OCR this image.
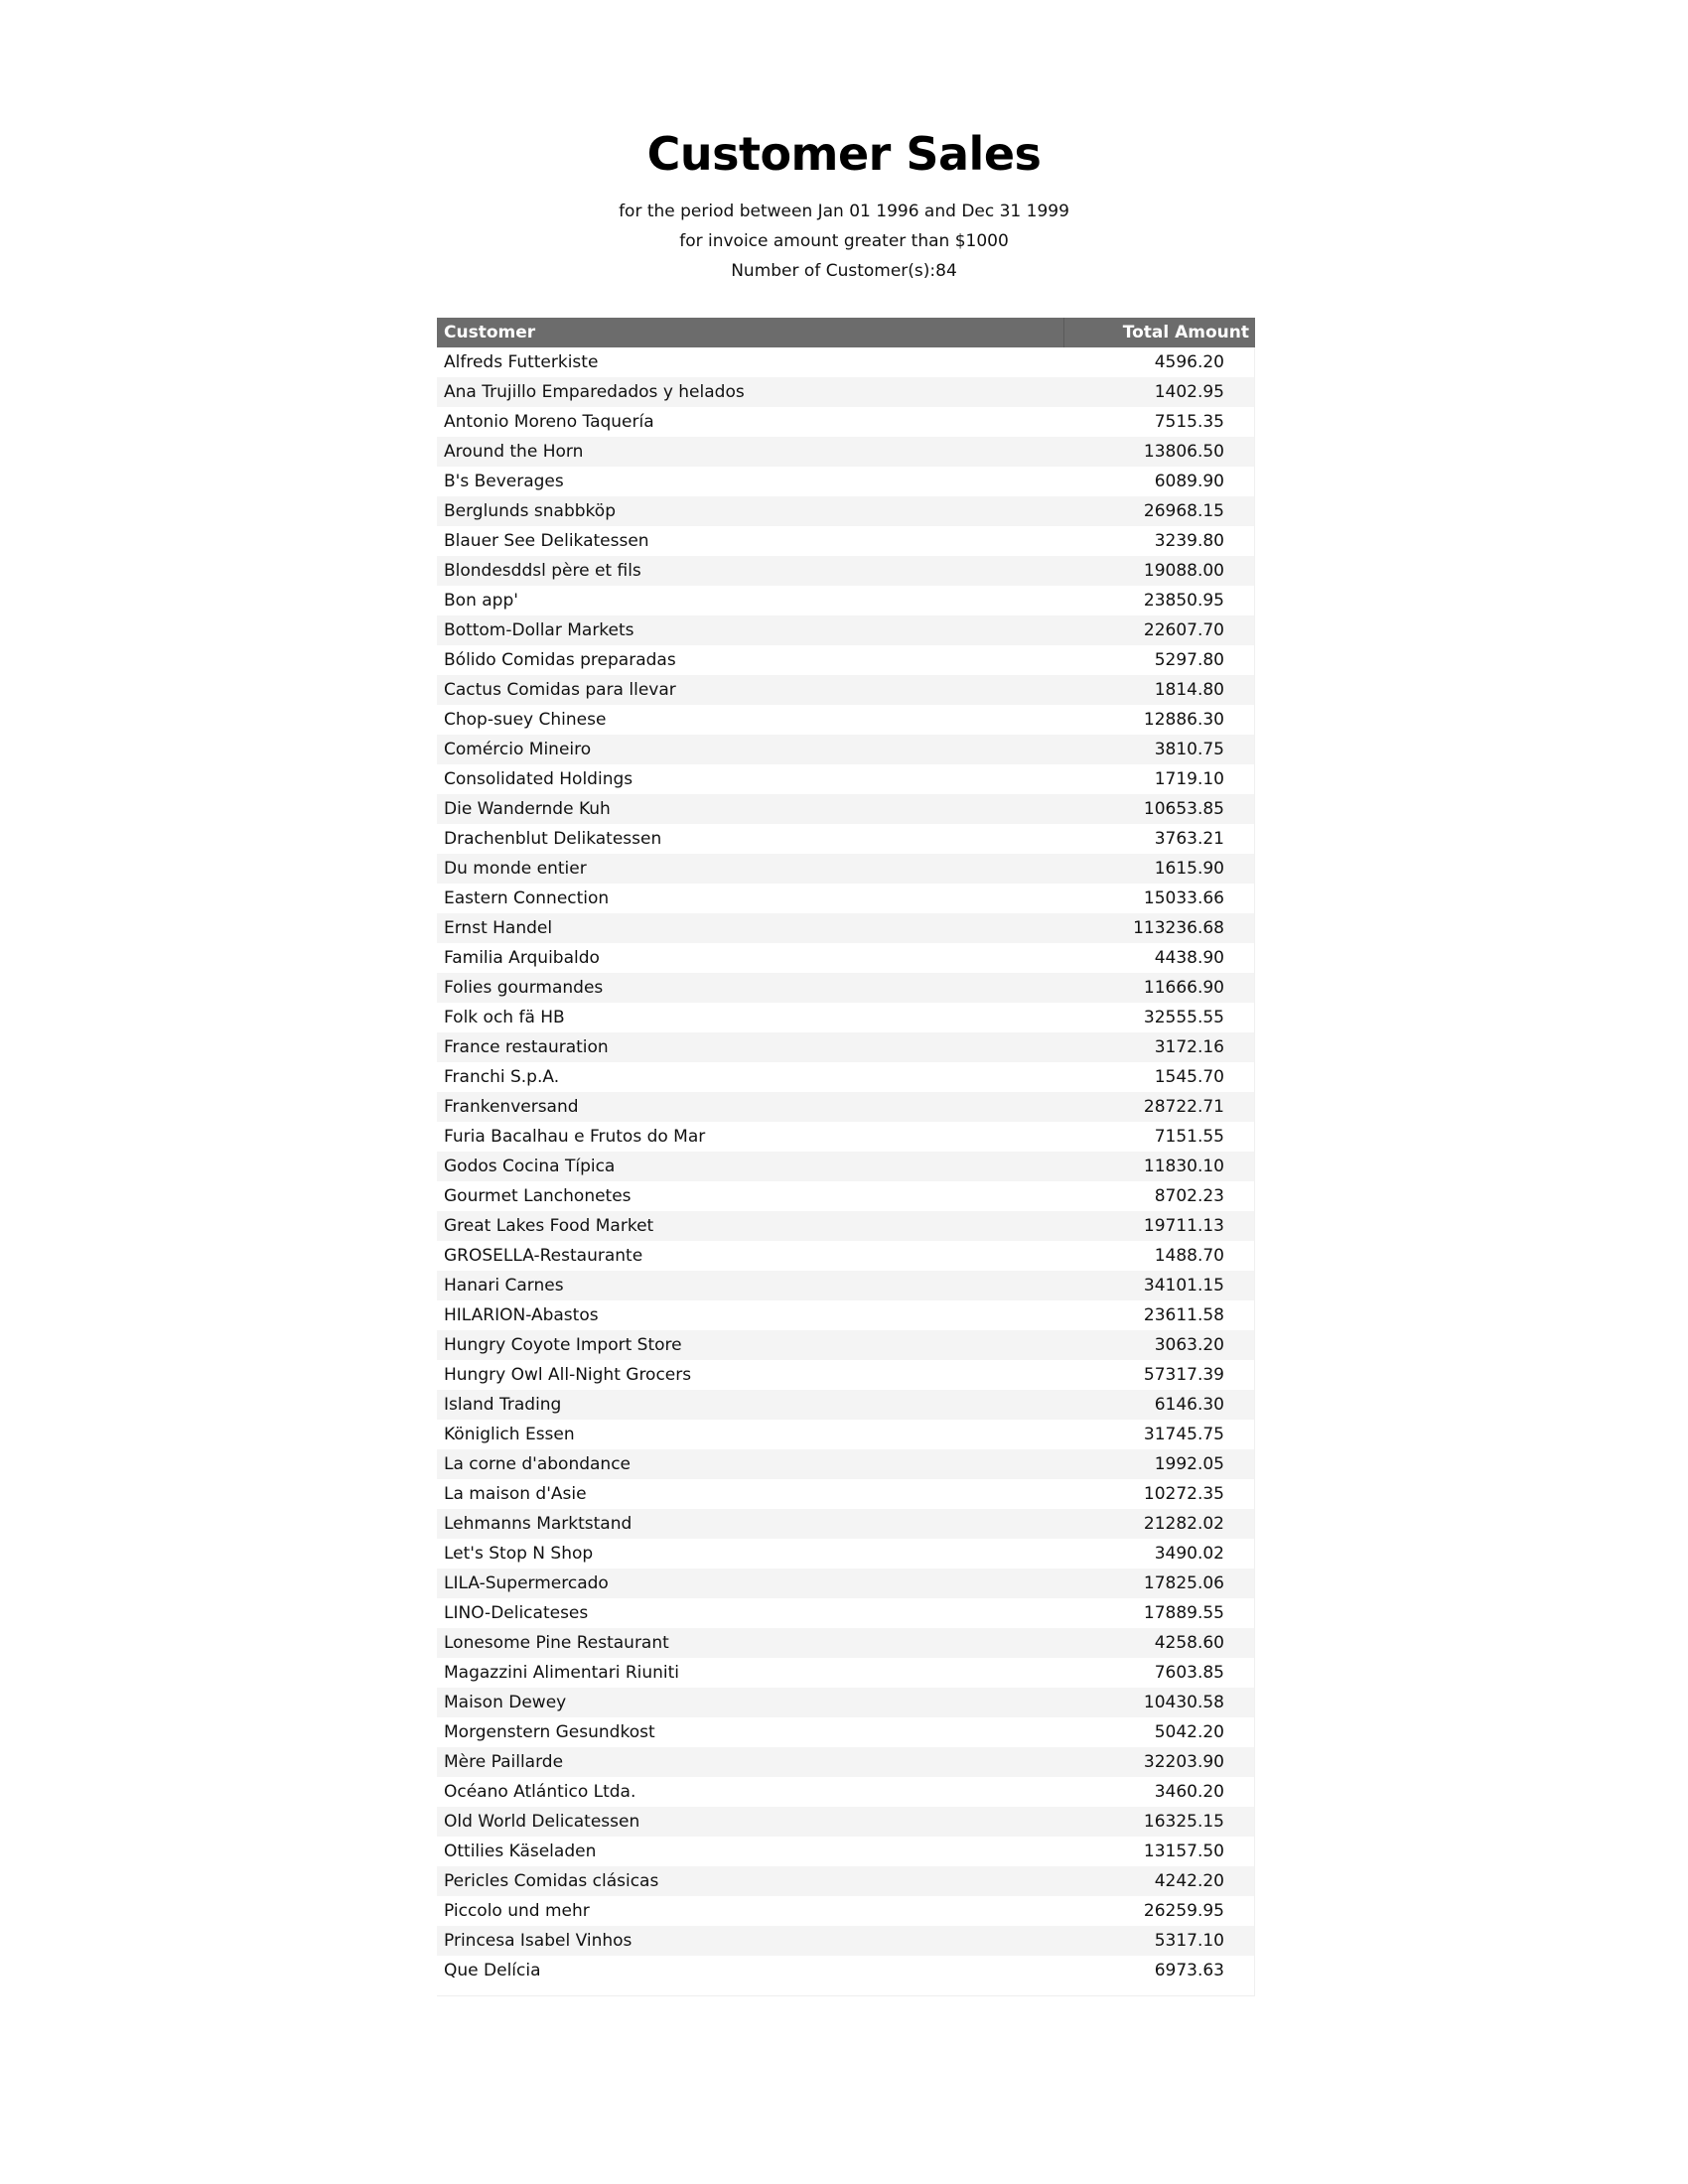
Customer Sales
for the period between Jan 01 1996 and Dec 31 1999
for invoice amount greater than $1000
Number of Customer(s):84
Customer	Total Amount
Alfreds Futterkiste	4596.20
Ana Trujillo Emparedados y helados	1402.95
Antonio Moreno Taquería	7515.35
Around the Horn	13806.50
B's Beverages	6089.90
Berglunds snabbköp	26968.15
Blauer See Delikatessen	3239.80
Blondesddsl père et fils	19088.00
Bon app'	23850.95
Bottom-Dollar Markets	22607.70
Bólido Comidas preparadas	5297.80
Cactus Comidas para llevar	1814.80
Chop-suey Chinese	12886.30
Comércio Mineiro	3810.75
Consolidated Holdings	1719.10
Die Wandernde Kuh	10653.85
Drachenblut Delikatessen	3763.21
Du monde entier	1615.90
Eastern Connection	15033.66
Ernst Handel	113236.68
Familia Arquibaldo	4438.90
Folies gourmandes	11666.90
Folk och fä HB	32555.55
France restauration	3172.16
Franchi S.p.A.	1545.70
Frankenversand	28722.71
Furia Bacalhau e Frutos do Mar	7151.55
Godos Cocina Típica	11830.10
Gourmet Lanchonetes	8702.23
Great Lakes Food Market	19711.13
GROSELLA-Restaurante	1488.70
Hanari Carnes	34101.15
HILARION-Abastos	23611.58
Hungry Coyote Import Store	3063.20
Hungry Owl All-Night Grocers	57317.39
Island Trading	6146.30
Königlich Essen	31745.75
La corne d'abondance	1992.05
La maison d'Asie	10272.35
Lehmanns Marktstand	21282.02
Let's Stop N Shop	3490.02
LILA-Supermercado	17825.06
LINO-Delicateses	17889.55
Lonesome Pine Restaurant	4258.60
Magazzini Alimentari Riuniti	7603.85
Maison Dewey	10430.58
Morgenstern Gesundkost	5042.20
Mère Paillarde	32203.90
Océano Atlántico Ltda.	3460.20
Old World Delicatessen	16325.15
Ottilies Käseladen	13157.50
Pericles Comidas clásicas	4242.20
Piccolo und mehr	26259.95
Princesa Isabel Vinhos	5317.10
Que Delícia	6973.63
